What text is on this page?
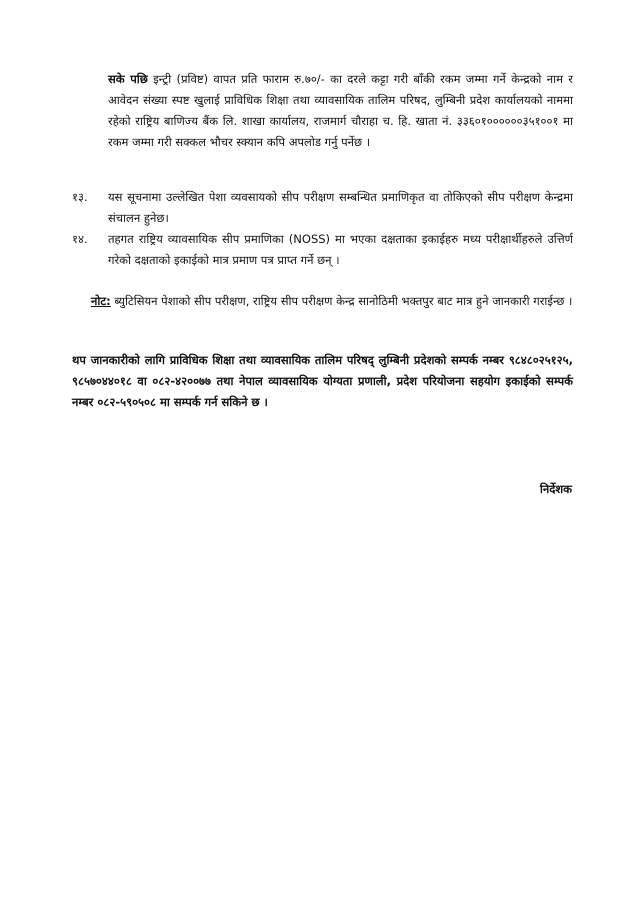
सके पछि इन्ट्री (प्रविष्ट) वापत प्रति फाराम रु.७०/- का दरले कट्टा गरी बाँकी रकम जम्मा गर्ने केन्द्रको नाम र आवेदन संख्या स्पष्ट खुलाई प्राविधिक शिक्षा तथा व्यावसायिक तालिम परिषद, लुम्बिनी प्रदेश कार्यालयको नाममा रहेको राष्ट्रिय बाणिज्य बैंक लि. शाखा कार्यालय, राजमार्ग चौराहा च. हि. खाता नं. ३३६०१००००००३५१००१ मा रकम जम्मा गरी सक्कल भौचर स्क्यान कपि अपलोड गर्नु पर्नेछ ।

१३.	यस सूचनामा उल्लेखित पेशा व्यवसायको सीप परीक्षण सम्बन्धित प्रमाणिकृत वा तोकिएको सीप परीक्षण केन्द्रमा संचालन हुनेछ।
१४.	तहगत राष्ट्रिय व्यावसायिक सीप प्रमाणिका (NOSS) मा भएका दक्षताका इकाईहरु मध्य परीक्षार्थीहरुले उत्तिर्ण गरेको दक्षताको इकाईको मात्र प्रमाण पत्र प्राप्त गर्ने छन् ।
नोट: ब्युटिसियन पेशाको सीप परीक्षण, राष्ट्रिय सीप परीक्षण केन्द्र सानोठिमी भक्तपुर बाट मात्र हुने जानकारी गराईन्छ ।
थप जानकारीको लागि प्राविधिक शिक्षा तथा व्यावसायिक तालिम परिषद् लुम्बिनी प्रदेशको सम्पर्क नम्बर ९८४८०२५१२५, ९८५७०४४०१८ वा ०८२-४२००७७ तथा नेपाल व्यावसायिक योग्यता प्रणाली, प्रदेश परियोजना सहयोग इकाईको सम्पर्क नम्बर ०८२-५९०५०८ मा सम्पर्क गर्न सकिने छ ।
निर्देशक
